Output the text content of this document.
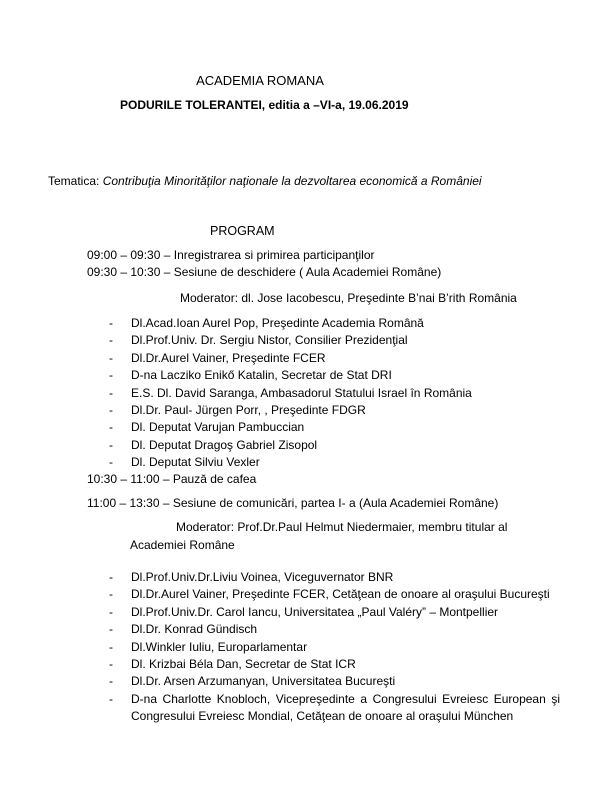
ACADEMIA ROMANA
PODURILE TOLERANTEI, editia a –VI-a, 19.06.2019
Tematica: Contribuţia Minorităţilor naţionale la dezvoltarea economică a României
PROGRAM
09:00 – 09:30 – Inregistrarea si primirea participanţilor
09:30 – 10:30 – Sesiune de deschidere ( Aula Academiei Române)
Moderator: dl. Jose Iacobescu, Preşedinte B’nai B’rith România
- Dl.Acad.Ioan Aurel Pop, Preşedinte Academia Română
- Dl.Prof.Univ. Dr. Sergiu Nistor, Consilier Prezidenţial
- Dl.Dr.Aurel Vainer, Preşedinte FCER
- D-na Lacziko Enikő Katalin, Secretar de Stat DRI
- E.S. Dl. David Saranga, Ambasadorul Statului Israel în România
- Dl.Dr. Paul- Jürgen Porr, , Preşedinte FDGR
- Dl. Deputat Varujan Pambuccian
- Dl. Deputat Dragoş Gabriel Zisopol
- Dl. Deputat Silviu Vexler
10:30 – 11:00 – Pauză de cafea
11:00 – 13:30 – Sesiune de comunicări, partea I- a (Aula Academiei Române)
Moderator: Prof.Dr.Paul Helmut Niedermaier, membru titular al
Academiei Române
- Dl.Prof.Univ.Dr.Liviu Voinea, Viceguvernator BNR
- Dl.Dr.Aurel Vainer, Preşedinte FCER, Cetăţean de onoare al oraşului Bucureşti
- Dl.Prof.Univ.Dr. Carol Iancu, Universitatea „Paul Valéry” – Montpellier
- Dl.Dr. Konrad Gündisch
- Dl.Winkler Iuliu, Europarlamentar
- Dl. Krizbai Béla Dan, Secretar de Stat ICR
- Dl.Dr. Arsen Arzumanyan, Universitatea Bucureşti
- D-na Charlotte Knobloch, Vicepreşedinte a Congresului Evreiesc European şi Congresului Evreiesc Mondial, Cetăţean de onoare al oraşului München
